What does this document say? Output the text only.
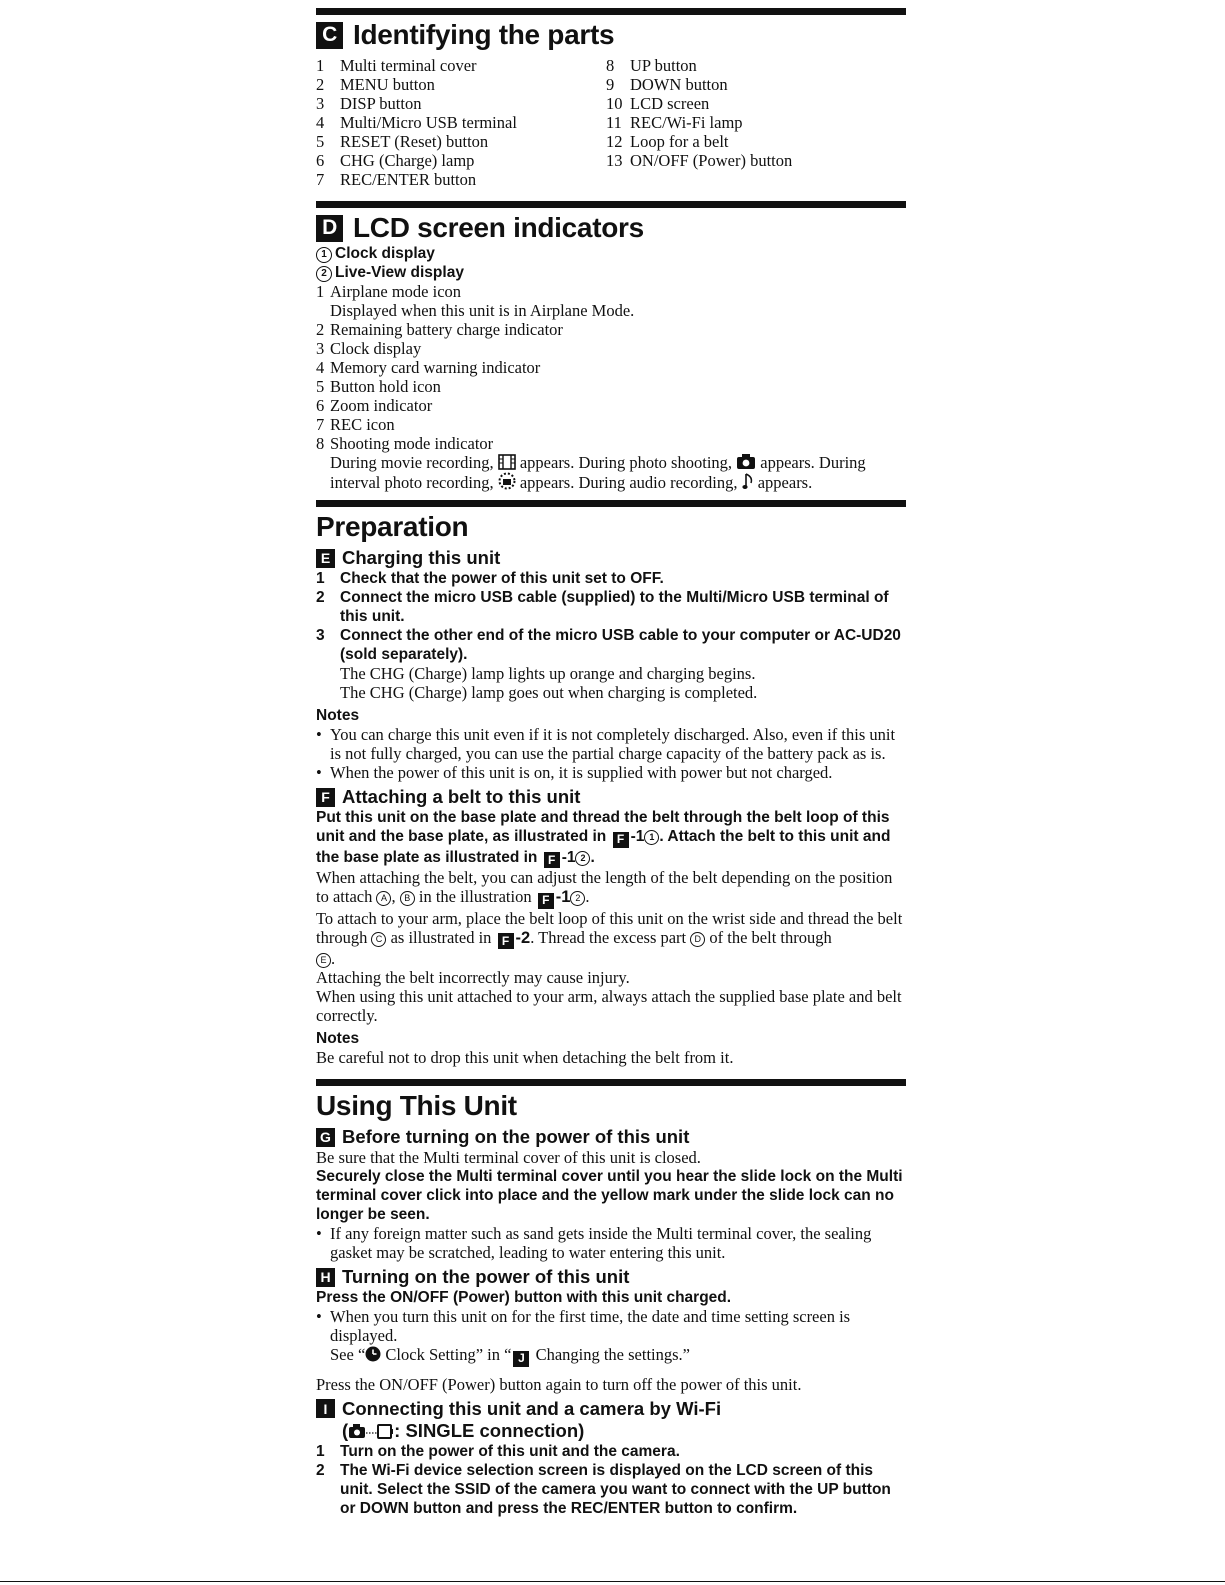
C Identifying the parts
1 Multi terminal cover
2 MENU button
3 DISP button
4 Multi/Micro USB terminal
5 RESET (Reset) button
6 CHG (Charge) lamp
7 REC/ENTER button
8 UP button
9 DOWN button
10 LCD screen
11 REC/Wi-Fi lamp
12 Loop for a belt
13 ON/OFF (Power) button
D LCD screen indicators
1 Clock display
2 Live-View display
1 Airplane mode icon
Displayed when this unit is in Airplane Mode.
2 Remaining battery charge indicator
3 Clock display
4 Memory card warning indicator
5 Button hold icon
6 Zoom indicator
7 REC icon
8 Shooting mode indicator
During movie recording, appears. During photo shooting, appears. During
interval photo recording, appears. During audio recording, appears.
Preparation
E Charging this unit
1 Check that the power of this unit set to OFF.
2 Connect the micro USB cable (supplied) to the Multi/Micro USB terminal of this unit.
3 Connect the other end of the micro USB cable to your computer or AC-UD20 (sold separately).
The CHG (Charge) lamp lights up orange and charging begins.
The CHG (Charge) lamp goes out when charging is completed.
Notes
• You can charge this unit even if it is not completely discharged. Also, even if this unit is not fully charged, you can use the partial charge capacity of the battery pack as is.
• When the power of this unit is on, it is supplied with power but not charged.
F Attaching a belt to this unit
Put this unit on the base plate and thread the belt through the belt loop of this unit and the base plate, as illustrated in F -1 1 . Attach the belt to this unit and the base plate as illustrated in F -1 2 .
When attaching the belt, you can adjust the length of the belt depending on the position to attach A , B in the illustration F -1 2 .
To attach to your arm, place the belt loop of this unit on the wrist side and thread the belt through C as illustrated in F -2. Thread the excess part D of the belt through
E .
Attaching the belt incorrectly may cause injury.
When using this unit attached to your arm, always attach the supplied base plate and belt correctly.
Notes
Be careful not to drop this unit when detaching the belt from it.
Using This Unit
G Before turning on the power of this unit
Be sure that the Multi terminal cover of this unit is closed.
Securely close the Multi terminal cover until you hear the slide lock on the Multi terminal cover click into place and the yellow mark under the slide lock can no longer be seen.
• If any foreign matter such as sand gets inside the Multi terminal cover, the sealing gasket may be scratched, leading to water entering this unit.
H Turning on the power of this unit
Press the ON/OFF (Power) button with this unit charged.
• When you turn this unit on for the first time, the date and time setting screen is displayed.
See “ Clock Setting” in “ J Changing the settings.”
Press the ON/OFF (Power) button again to turn off the power of this unit.
I Connecting this unit and a camera by Wi-Fi
( : SINGLE connection)
1 Turn on the power of this unit and the camera.
2 The Wi-Fi device selection screen is displayed on the LCD screen of this unit. Select the SSID of the camera you want to connect with the UP button or DOWN button and press the REC/ENTER button to confirm.
